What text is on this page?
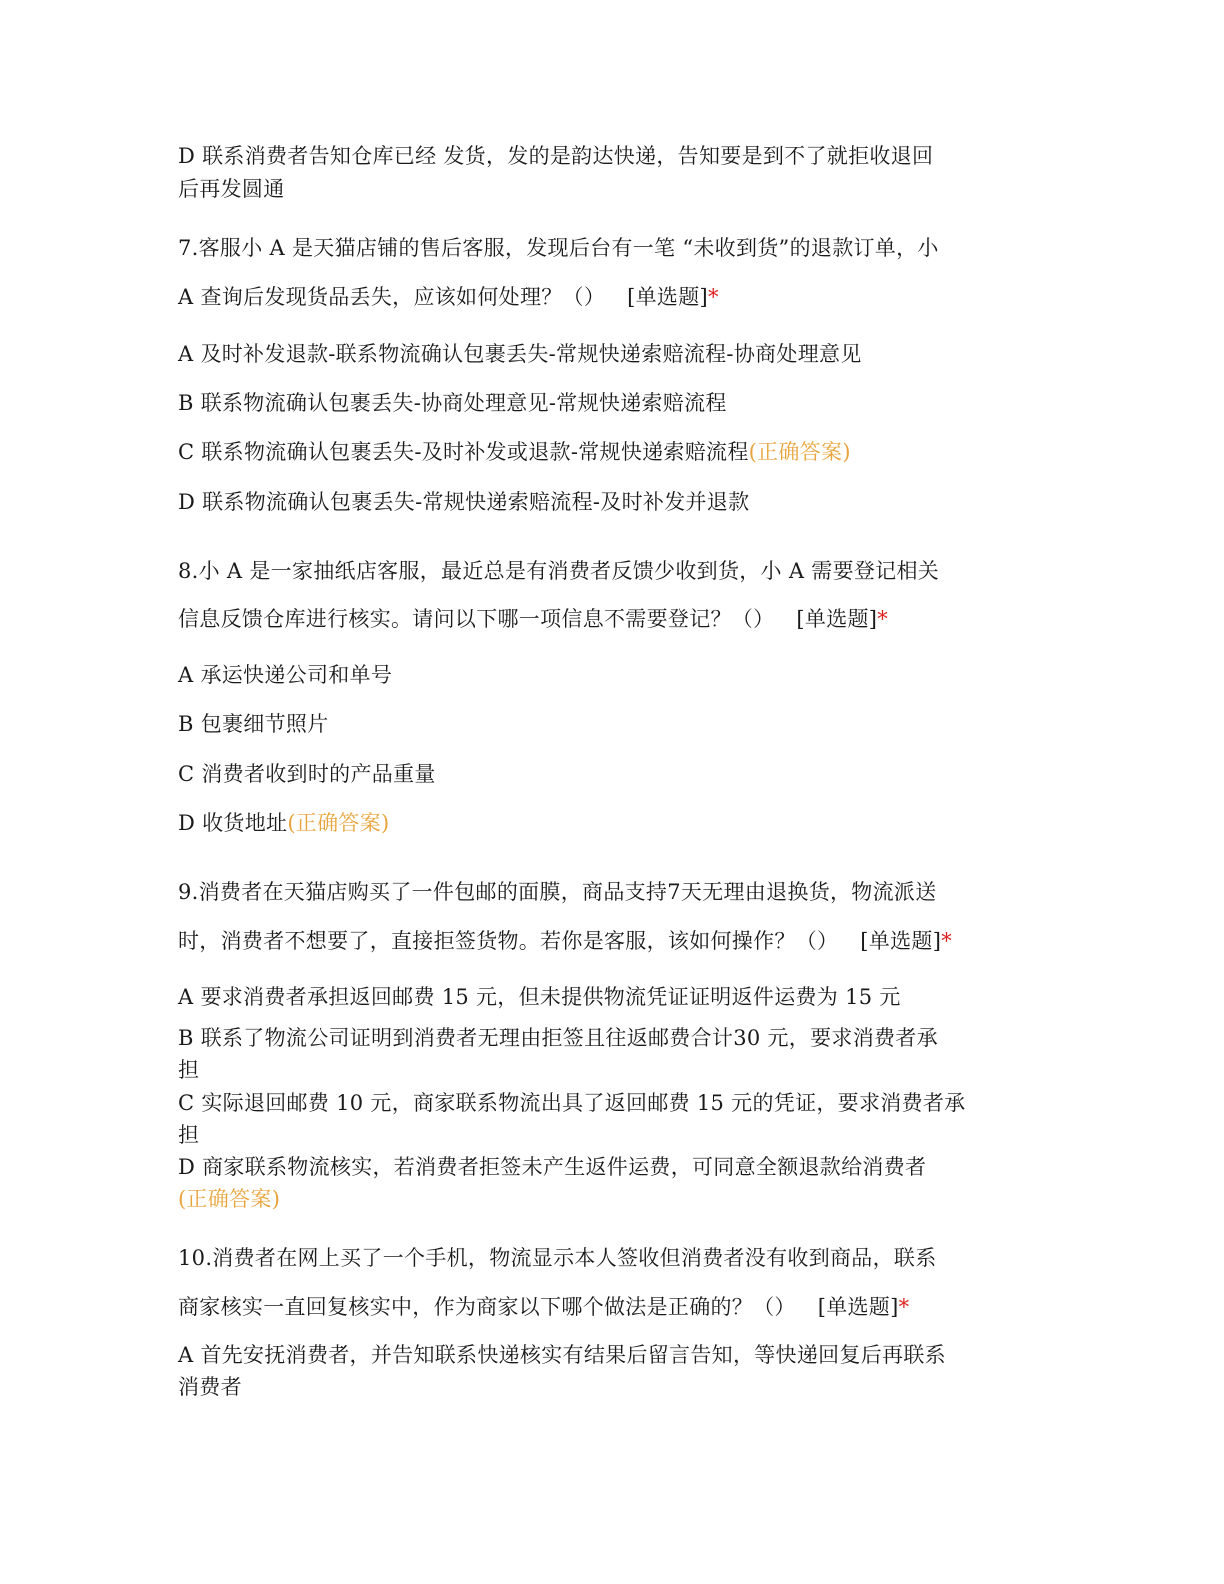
D 联系消费者告知仓库已经 发货，发的是韵达快递，告知要是到不了就拒收退回
后再发圆通
7.客服小 A 是天猫店铺的售后客服，发现后台有一笔 “未收到货”的退款订单，小
A 查询后发现货品丢失，应该如何处理？（） [单选题]*
A 及时补发退款-联系物流确认包裹丢失-常规快递索赔流程-协商处理意见
B 联系物流确认包裹丢失-协商处理意见-常规快递索赔流程
C 联系物流确认包裹丢失-及时补发或退款-常规快递索赔流程(正确答案)
D 联系物流确认包裹丢失-常规快递索赔流程-及时补发并退款
8.小 A 是一家抽纸店客服，最近总是有消费者反馈少收到货，小 A 需要登记相关
信息反馈仓库进行核实。请问以下哪一项信息不需要登记？（） [单选题]*
A 承运快递公司和单号
B 包裹细节照片
C 消费者收到时的产品重量
D 收货地址(正确答案)
9.消费者在天猫店购买了一件包邮的面膜，商品支持7天无理由退换货，物流派送
时，消费者不想要了，直接拒签货物。若你是客服，该如何操作？（） [单选题]*
A 要求消费者承担返回邮费 15 元，但未提供物流凭证证明返件运费为 15 元
B 联系了物流公司证明到消费者无理由拒签且往返邮费合计30 元，要求消费者承
担
C 实际退回邮费 10 元，商家联系物流出具了返回邮费 15 元的凭证，要求消费者承
担
D 商家联系物流核实，若消费者拒签未产生返件运费，可同意全额退款给消费者
(正确答案)
10.消费者在网上买了一个手机，物流显示本人签收但消费者没有收到商品，联系
商家核实一直回复核实中，作为商家以下哪个做法是正确的？（） [单选题]*
A 首先安抚消费者，并告知联系快递核实有结果后留言告知，等快递回复后再联系
消费者
